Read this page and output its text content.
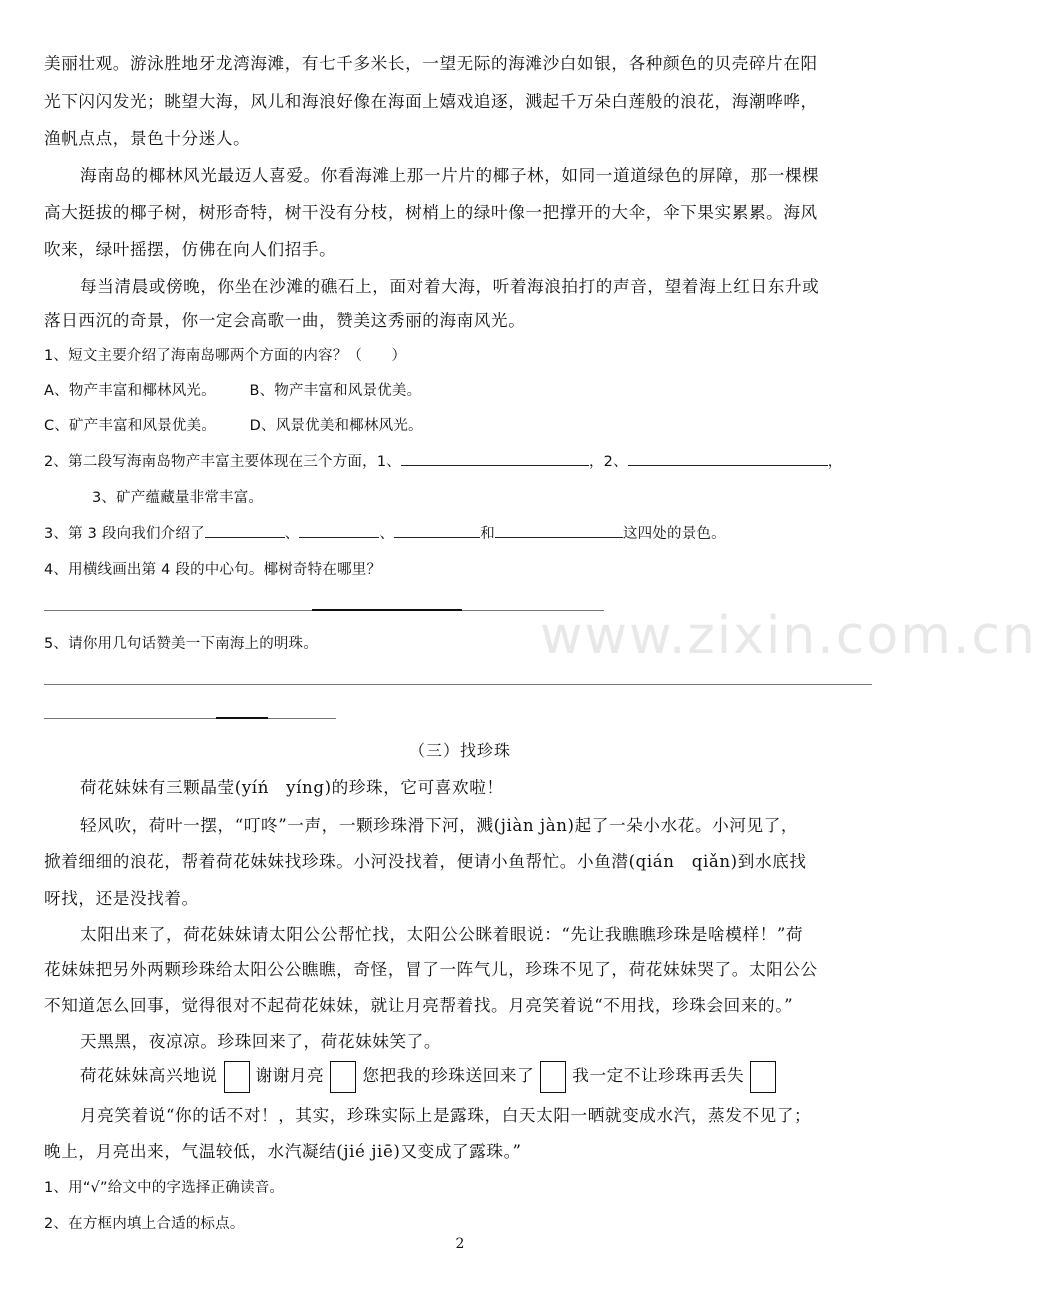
美丽壮观。游泳胜地牙龙湾海滩，有七千多米长，一望无际的海滩沙白如银，各种颜色的贝壳碎片在阳
光下闪闪发光；眺望大海，风儿和海浪好像在海面上嬉戏追逐，溅起千万朵白莲般的浪花，海潮哗哗，
渔帆点点，景色十分迷人。
海南岛的椰林风光最迈人喜爱。你看海滩上那一片片的椰子林，如同一道道绿色的屏障，那一棵棵
高大挺拔的椰子树，树形奇特，树干没有分枝，树梢上的绿叶像一把撑开的大伞，伞下果实累累。海风
吹来，绿叶摇摆，仿佛在向人们招手。
每当清晨或傍晚，你坐在沙滩的礁石上，面对着大海，听着海浪拍打的声音，望着海上红日东升或
落日西沉的奇景，你一定会高歌一曲，赞美这秀丽的海南风光。
1、短文主要介绍了海南岛哪两个方面的内容？（　　）
A、物产丰富和椰林风光。 B、物产丰富和风景优美。
C、矿产丰富和风景优美。 D、风景优美和椰林风光。
2、第二段写海南岛物产丰富主要体现在三个方面，1、	，2、	，
3、矿产蕴藏量非常丰富。
3、第 3 段向我们介绍了	、	、	和	这四处的景色。
4、用横线画出第 4 段的中心句。椰树奇特在哪里？
5、请你用几句话赞美一下南海上的明珠。	www.zixin.com.cn
（三）找珍珠
荷花妹妹有三颗晶莹(yíń　yíng)的珍珠，它可喜欢啦！
轻风吹，荷叶一摆，“叮咚”一声，一颗珍珠滑下河，溅(jiàn jàn)起了一朵小水花。小河见了，
掀着细细的浪花，帮着荷花妹妹找珍珠。小河没找着，便请小鱼帮忙。小鱼潜(qián　qiǎn)到水底找
呀找，还是没找着。
太阳出来了，荷花妹妹请太阳公公帮忙找，太阳公公眯着眼说：“先让我瞧瞧珍珠是啥模样！”荷
花妹妹把另外两颗珍珠给太阳公公瞧瞧，奇怪，冒了一阵气儿，珍珠不见了，荷花妹妹哭了。太阳公公
不知道怎么回事，觉得很对不起荷花妹妹，就让月亮帮着找。月亮笑着说“不用找，珍珠会回来的。”
天黑黑，夜凉凉。珍珠回来了，荷花妹妹笑了。
荷花妹妹高兴地说 谢谢月亮 您把我的珍珠送回来了 我一定不让珍珠再丢失
月亮笑着说“你的话不对！，其实，珍珠实际上是露珠，白天太阳一晒就变成水汽，蒸发不见了；
晚上，月亮出来，气温较低，水汽凝结(jié jiē)又变成了露珠。”
1、用“√”给文中的字选择正确读音。
2、在方框内填上合适的标点。
2
